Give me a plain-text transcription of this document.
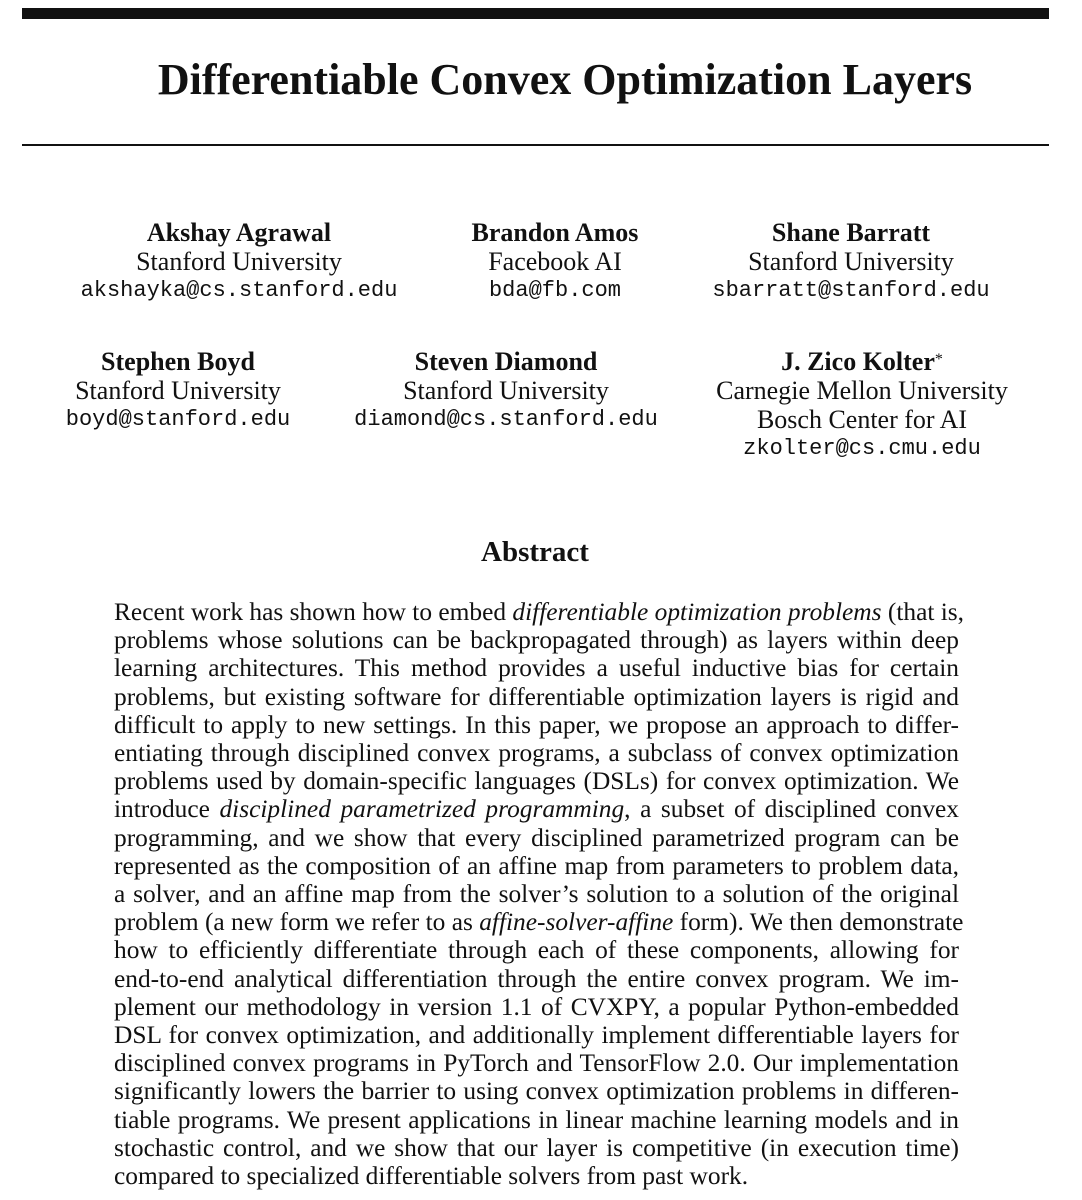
Differentiable Convex Optimization Layers
Akshay Agrawal
Stanford University
akshayka@cs.stanford.edu
Brandon Amos
Facebook AI
bda@fb.com
Shane Barratt
Stanford University
sbarratt@stanford.edu
Stephen Boyd
Stanford University
boyd@stanford.edu
Steven Diamond
Stanford University
diamond@cs.stanford.edu
J. Zico Kolter*
Carnegie Mellon University
Bosch Center for AI
zkolter@cs.cmu.edu
Abstract
Recent work has shown how to embed differentiable optimization problems (that is,
problems whose solutions can be backpropagated through) as layers within deep
learning architectures. This method provides a useful inductive bias for certain
problems, but existing software for differentiable optimization layers is rigid and
difficult to apply to new settings. In this paper, we propose an approach to differ-
entiating through disciplined convex programs, a subclass of convex optimization
problems used by domain-specific languages (DSLs) for convex optimization. We
introduce disciplined parametrized programming, a subset of disciplined convex
programming, and we show that every disciplined parametrized program can be
represented as the composition of an affine map from parameters to problem data,
a solver, and an affine map from the solver’s solution to a solution of the original
problem (a new form we refer to as affine-solver-affine form). We then demonstrate
how to efficiently differentiate through each of these components, allowing for
end-to-end analytical differentiation through the entire convex program. We im-
plement our methodology in version 1.1 of CVXPY, a popular Python-embedded
DSL for convex optimization, and additionally implement differentiable layers for
disciplined convex programs in PyTorch and TensorFlow 2.0. Our implementation
significantly lowers the barrier to using convex optimization problems in differen-
tiable programs. We present applications in linear machine learning models and in
stochastic control, and we show that our layer is competitive (in execution time)
compared to specialized differentiable solvers from past work.
